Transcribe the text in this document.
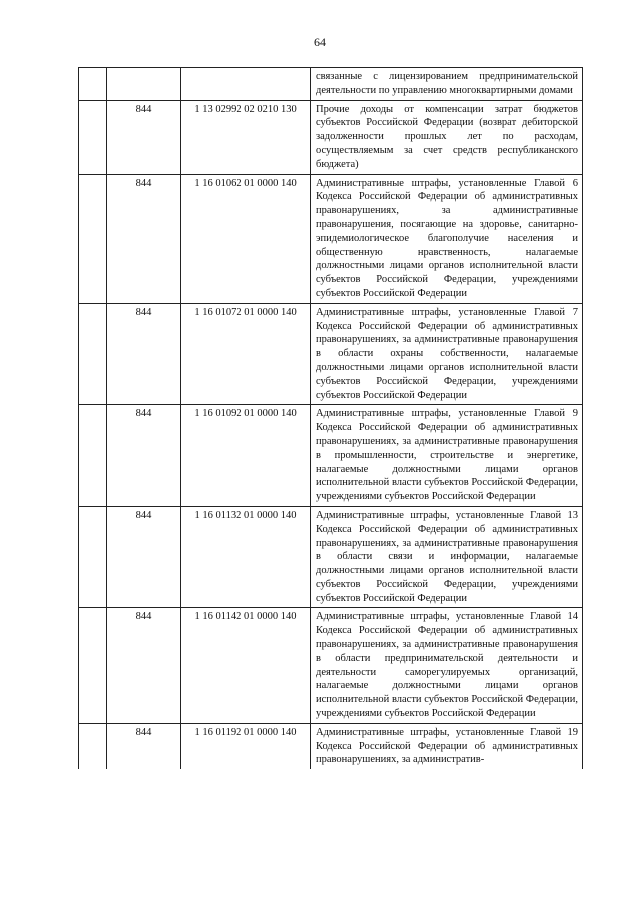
64
			связанные с лицензированием предпринимательской деятельности по управлению многоквартирными домами
	844	1 13 02992 02 0210 130	Прочие доходы от компенсации затрат бюджетов субъектов Российской Федерации (возврат дебиторской задолженности прошлых лет по расходам, осуществляемым за счет средств республиканского бюджета)
	844	1 16 01062 01 0000 140	Административные штрафы, установленные Главой 6 Кодекса Российской Федерации об административных правонарушениях, за административные правонарушения, посягающие на здоровье, санитарно-эпидемиологическое благополучие населения и общественную нравственность, налагаемые должностными лицами органов исполнительной власти субъектов Российской Федерации, учреждениями субъектов Российской Федерации
	844	1 16 01072 01 0000 140	Административные штрафы, установленные Главой 7 Кодекса Российской Федерации об административных правонарушениях, за административные правонарушения в области охраны собственности, налагаемые должностными лицами органов исполнительной власти субъектов Российской Федерации, учреждениями субъектов Российской Федерации
	844	1 16 01092 01 0000 140	Административные штрафы, установленные Главой 9 Кодекса Российской Федерации об административных правонарушениях, за административные правонарушения в промышленности, строительстве и энергетике, налагаемые должностными лицами органов исполнительной власти субъектов Российской Федерации, учреждениями субъектов Российской Федерации
	844	1 16 01132 01 0000 140	Административные штрафы, установленные Главой 13 Кодекса Российской Федерации об административных правонарушениях, за административные правонарушения в области связи и информации, налагаемые должностными лицами органов исполнительной власти субъектов Российской Федерации, учреждениями субъектов Российской Федерации
	844	1 16 01142 01 0000 140	Административные штрафы, установленные Главой 14 Кодекса Российской Федерации об административных правонарушениях, за административные правонарушения в области предпринимательской деятельности и деятельности саморегулируемых организаций, налагаемые должностными лицами органов исполнительной власти субъектов Российской Федерации, учреждениями субъектов Российской Федерации
	844	1 16 01192 01 0000 140	Административные штрафы, установленные Главой 19 Кодекса Российской Федерации об административных правонарушениях, за административ-
